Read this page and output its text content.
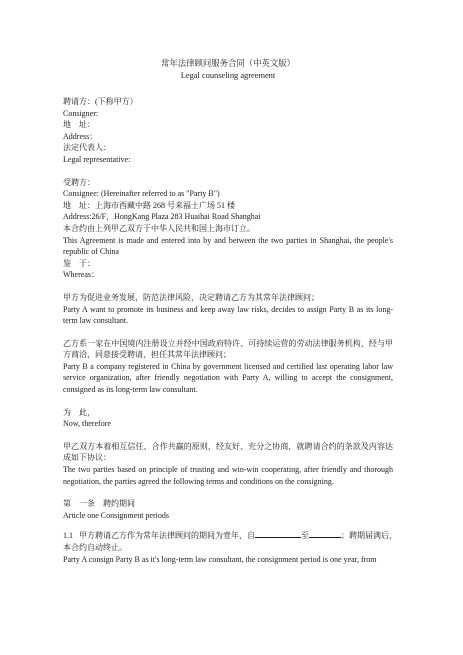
常年法律顾问服务合同（中英文版）
Legal counseling agreement
聘请方：(下称甲方）
Consigner:
地　址：
Address：
法定代表人：
Legal representative:
受聘方：
Consignee: (Hereinafter referred to as "Party B")
地　址：上海市西藏中路 268 号来福士广场 51 楼
Address:26/F，HongKang Plaza 283 Huaihai Road Shanghai
本合约由上列甲乙双方于中华人民共和国上海市订立。
This Agreement is made and entered into by and between the two parties in Shanghai, the people's republic of China
鉴　于：
Whereas：
甲方为促进业务发展，防范法律风险，决定聘请乙方为其常年法律顾问；
Party A want to promote its business and keep away law risks, decides to assign Party B as its long-term law consultant.
乙方系一家在中国境内注册设立并经中国政府特许、可持续运营的劳动法律服务机构，经与甲方商洽，同意接受聘请，担任其常年法律顾问；
Party B a company registered in China by government licensed and certified last operating labor law service organization, after friendly negotiation with Party A, willing to accept the consignment, consigned as its long-term law consultant.
为　此，
Now, therefore
甲乙双方本着相互信任、合作共赢的原则，经友好、充分之协商，就聘请合约的条款及内容达成如下协议：
The two parties based on principle of trusting and win-win cooperating, after friendly and thorough negotiation, the parties agreed the following terms and conditions on the consigning.
第　一条　聘约期间
Article one Consignment periods
1.1 甲方聘请乙方作为常年法律顾问的期间为壹年，自	至	；聘期届满后，
本合约自动终止。
Party A consign Party B as it's long-term law consultant, the consignment period is one year, from
